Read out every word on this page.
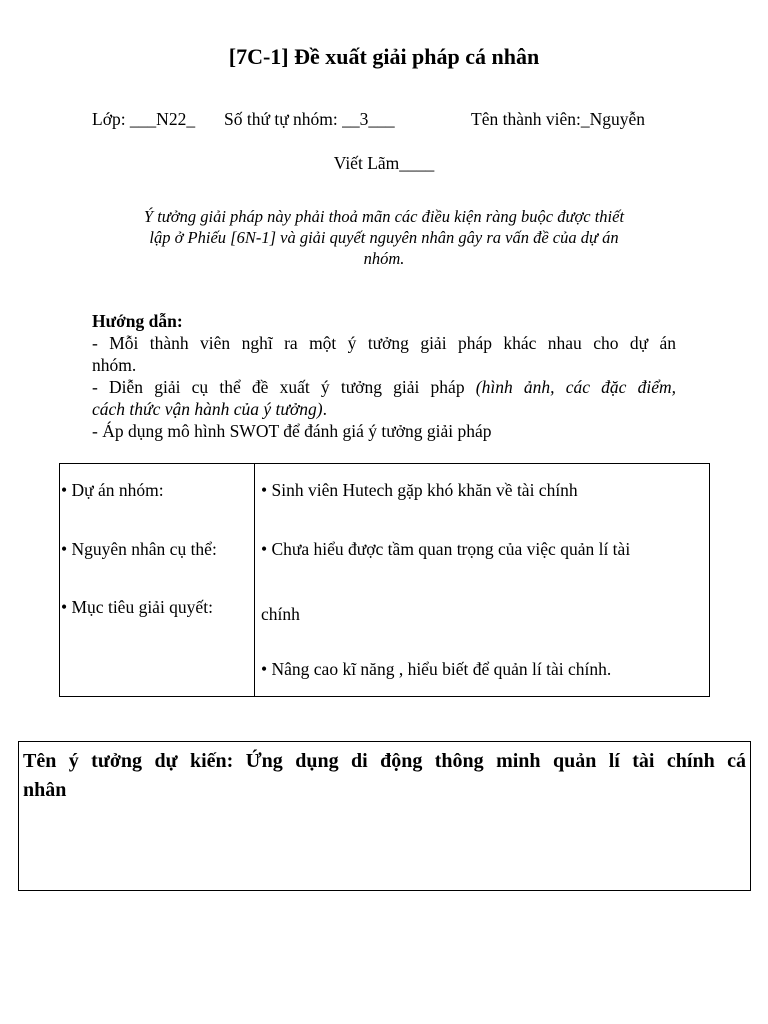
[7C-1] Đề xuất giải pháp cá nhân
Lớp: ___N22_ Số thứ tự nhóm: __3___	Tên thành viên:_Nguyễn
Viết Lãm____
Ý tưởng giải pháp này phải thoả mãn các điều kiện ràng buộc được thiết
lập ở Phiếu [6N-1] và giải quyết nguyên nhân gây ra vấn đề của dự án
nhóm.
Hướng dẫn:
- Mỗi thành viên nghĩ ra một ý tưởng giải pháp khác nhau cho dự án
nhóm.
- Diễn giải cụ thể đề xuất ý tưởng giải pháp (hình ảnh, các đặc điểm,
cách thức vận hành của ý tưởng).
- Áp dụng mô hình SWOT để đánh giá ý tưởng giải pháp
• Dự án nhóm:
• Nguyên nhân cụ thể:
• Mục tiêu giải quyết:
• Sinh viên Hutech gặp khó khăn về tài chính
• Chưa hiểu được tầm quan trọng của việc quản lí tài
chính
• Nâng cao kĩ năng , hiểu biết để quản lí tài chính.
Tên ý tưởng dự kiến: Ứng dụng di động thông minh quản lí tài chính cá
nhân
